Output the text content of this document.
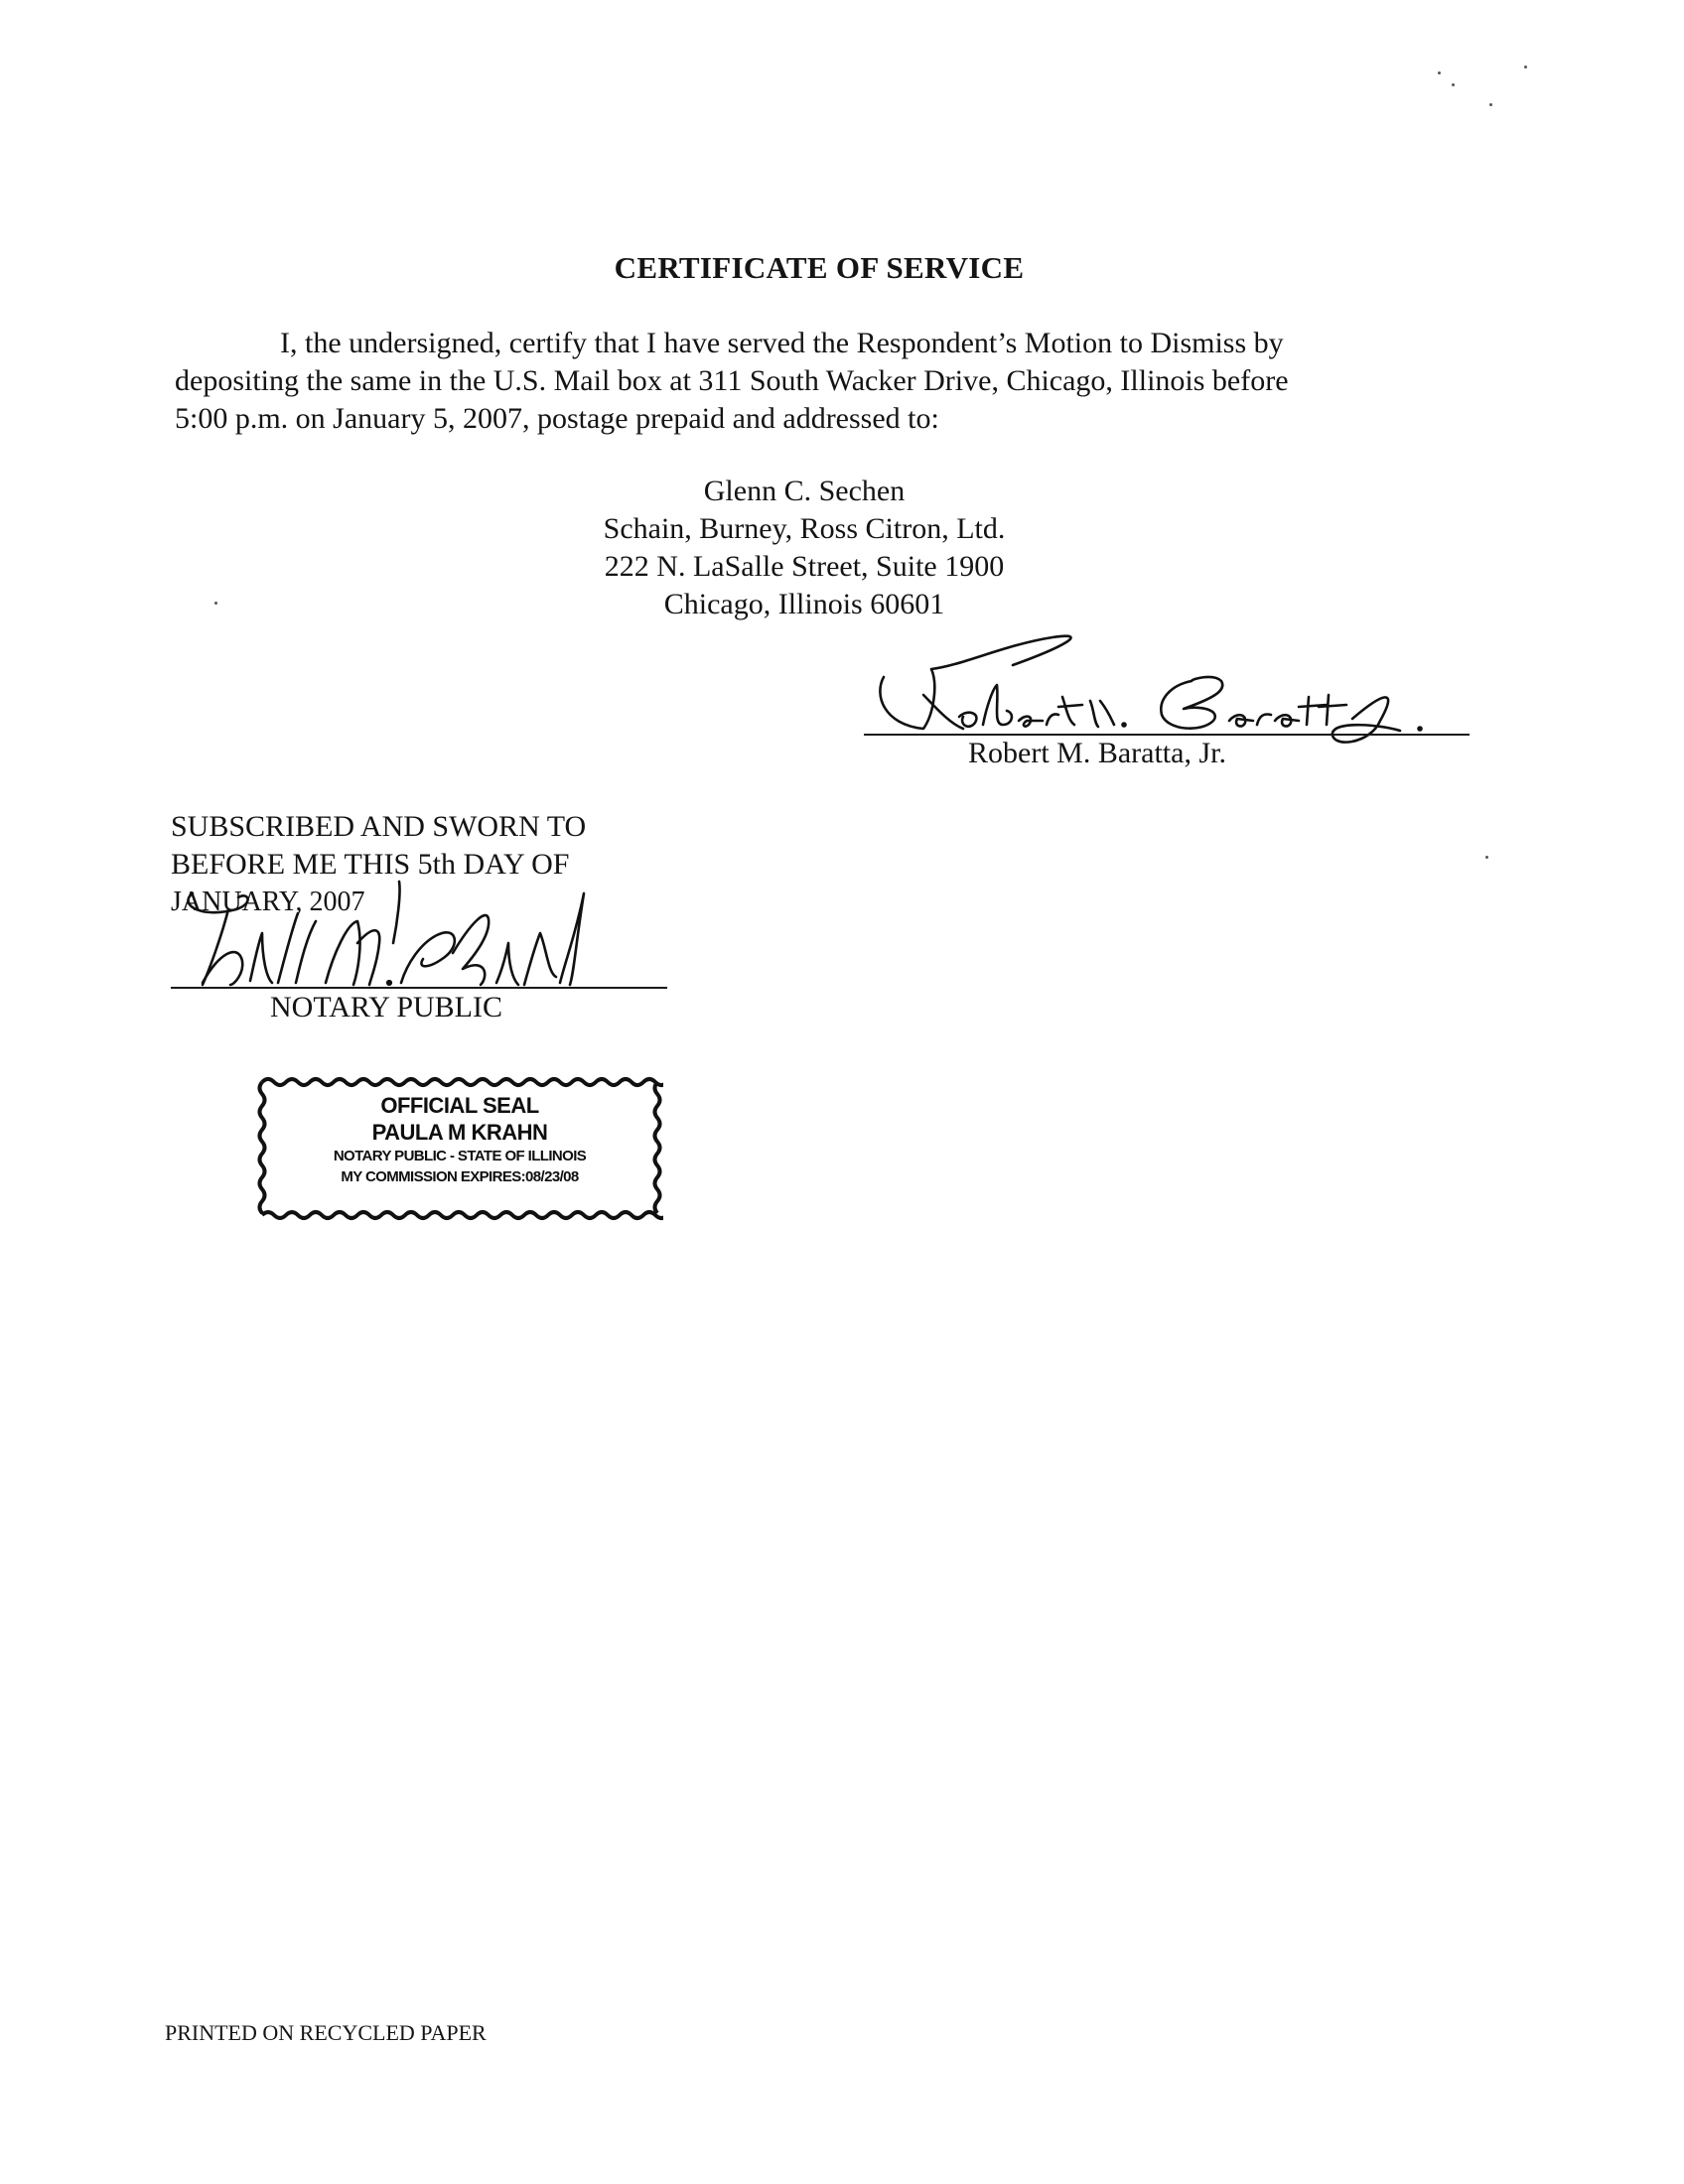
CERTIFICATE OF SERVICE
I, the undersigned, certify that I have served the Respondent’s Motion to Dismiss by
depositing the same in the U.S. Mail box at 311 South Wacker Drive, Chicago, Illinois before
5:00 p.m. on January 5, 2007, postage prepaid and addressed to:
Glenn C. Sechen
Schain, Burney, Ross Citron, Ltd.
222 N. LaSalle Street, Suite 1900
Chicago, Illinois 60601
Robert M. Baratta, Jr.
SUBSCRIBED AND SWORN TO
BEFORE ME THIS 5th DAY OF
JANUARY, 2007
NOTARY PUBLIC
OFFICIAL SEAL
PAULA M KRAHN
NOTARY PUBLIC - STATE OF ILLINOIS
MY COMMISSION EXPIRES:08/23/08
PRINTED ON RECYCLED PAPER
